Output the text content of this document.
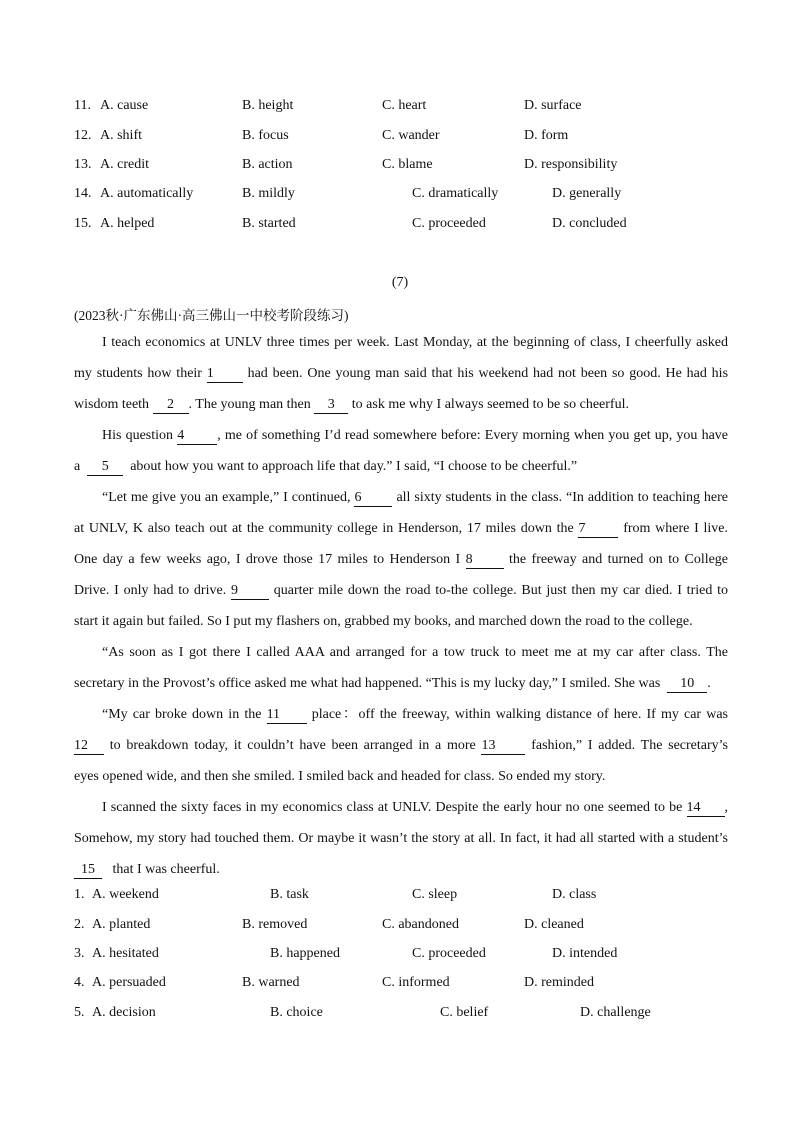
11. A. cause	B. height	C. heart	D. surface
12. A. shift	B. focus	C. wander	D. form
13. A. credit	B. action	C. blame	D. responsibility
14. A. automatically	B. mildly	C. dramatically	D. generally
15. A. helped	B. started	C. proceeded	D. concluded
(7)
(2023秋·广东佛山·高三佛山一中校考阶段练习)
I teach economics at UNLV three times per week. Last Monday, at the beginning of class, I cheerfully asked
my students how their 1 had been. One young man said that his weekend had not been so good. He had his
wisdom teeth 2 . The young man then 3 to ask me why I always seemed to be so cheerful.
His question 4 , me of something I’d read somewhere before: Every morning when you get up, you have
a 5 about how you want to approach life that day.” I said, “I choose to be cheerful.”
“Let me give you an example,” I continued, 6 all sixty students in the class. “In addition to teaching here
at UNLV, K also teach out at the community college in Henderson, 17 miles down the 7	from where I live.
One day a few weeks ago, I drove those 17 miles to Henderson I 8	the freeway and turned on to College
Drive. I only had to drive. 9	quarter mile down the road to-the college. But just then my car died. I tried to
start it again but failed. So I put my flashers on, grabbed my books, and marched down the road to the college.
“As soon as I got there I called AAA and arranged for a tow truck to meet me at my car after class. The
secretary in the Provost’s office asked me what had happened. “This is my lucky day,” I smiled. She was 10 .
“My car broke down in the 11 place：off the freeway, within walking distance of here. If my car was
12 to breakdown today, it couldn’t have been arranged in a more 13	fashion,” I added. The secretary’s
eyes opened wide, and then she smiled. I smiled back and headed for class. So ended my story.
I scanned the sixty faces in my economics class at UNLV. Despite the early hour no one seemed to be 14 ,
Somehow, my story had touched them. Or maybe it wasn’t the story at all. In fact, it had all started with a student’s
15 that I was cheerful.
1. A. weekend	B. task	C. sleep	D. class
2. A. planted	B. removed	C. abandoned	D. cleaned
3. A. hesitated	B. happened	C. proceeded	D. intended
4. A. persuaded	B. warned	C. informed	D. reminded
5. A. decision	B. choice	C. belief	D. challenge
